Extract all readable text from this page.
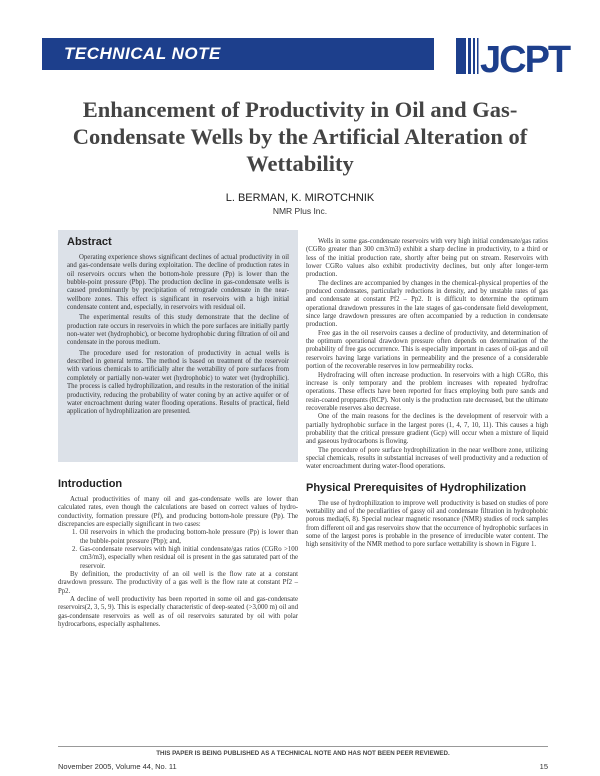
TECHNICAL NOTE	JCPT
Enhancement of Productivity in Oil and Gas-Condensate Wells by the Artificial Alteration of Wettability
L. BERMAN, K. MIROTCHNIK
NMR Plus Inc.
Abstract

Operating experience shows significant declines of actual productivity in oil and gas-condensate wells during exploitation. The decline of production rates in oil reservoirs occurs when the bottom-hole pressure (Pp) is lower than the bubble-point pressure (Pbp). The production decline in gas-condensate wells is caused predominantly by precipitation of retrograde condensate in the near-wellbore zones. This effect is significant in reservoirs with a high initial condensate content and, especially, in reservoirs with residual oil.

The experimental results of this study demonstrate that the decline of production rate occurs in reservoirs in which the pore surfaces are initially partly non-water wet (hydrophobic), or become hydrophobic during filtration of oil and condensate in the porous medium.

The procedure used for restoration of productivity in actual wells is described in general terms. The method is based on treatment of the reservoir with various chemicals to artificially alter the wettability of pore surfaces from completely or partially non-water wet (hydrophobic) to water wet (hydrophilic). The process is called hydrophilization, and results in the restoration of the initial productivity, reducing the probability of water coning by an active aquifer or of water encroachment during water flooding operations. Results of practical, field application of hydrophilization are presented.

Introduction

Actual productivities of many oil and gas-condensate wells are lower than calculated rates, even though the calculations are based on correct values of hydro-conductivity, formation pressure (Pf), and producing bottom-hole pressure (Pp). The discrepancies are especially significant in two cases:

1. Oil reservoirs in which the producing bottom-hole pressure (Pp) is lower than the bubble-point pressure (Pbp); and,

2. Gas-condensate reservoirs with high initial condensate/gas ratios (CGRo >100 cm3/m3), especially when residual oil is present in the gas saturated part of the reservoir.

By definition, the productivity of an oil well is the flow rate at a constant drawdown pressure. The productivity of a gas well is the flow rate at constant Pf2 – Pp2.

A decline of well productivity has been reported in some oil and gas-condensate reservoirs(2, 3, 5, 9). This is especially characteristic of deep-seated (>3,000 m) oil and gas-condensate reservoirs as well as of oil reservoirs saturated by oil with polar hydrocarbons, especially asphaltenes.

Wells in some gas-condensate reservoirs with very high initial condensate/gas ratios (CGRo greater than 300 cm3/m3) exhibit a sharp decline in productivity, to a third or less of the initial production rate, shortly after being put on stream. Reservoirs with lower CGRo values also exhibit productivity declines, but only after longer-term production.

The declines are accompanied by changes in the chemical-physical properties of the produced condensates, particularly reductions in density, and by unstable rates of gas and condensate at constant Pf2 – Pp2. It is difficult to determine the optimum operational drawdown pressures in the late stages of gas-condensate field development, since large drawdown pressures are often accompanied by a reduction in condensate production.

Free gas in the oil reservoirs causes a decline of productivity, and determination of the optimum operational drawdown pressure often depends on determination of the probability of free gas occurrence. This is especially important in cases of oil-gas and oil reservoirs having large variations in permeability and the presence of a considerable portion of the recoverable reserves in low permeability rocks.

Hydrofracing will often increase production. In reservoirs with a high CGRo, this increase is only temporary and the problem increases with repeated hydrofrac operations. These effects have been reported for fracs employing both pure sands and resin-coated proppants (RCP). Not only is the production rate decreased, but the ultimate recoverable reserves also decrease.

One of the main reasons for the declines is the development of reservoir with a partially hydrophobic surface in the largest pores (1, 4, 7, 10, 11). This causes a high probability that the critical pressure gradient (Gcp) will occur when a mixture of liquid and gaseous hydrocarbons is flowing.

The procedure of pore surface hydrophilization in the near wellbore zone, utilizing special chemicals, results in substantial increases of well productivity and a reduction of water encroachment during water-flood operations.

Physical Prerequisites of Hydrophilization

The use of hydrophilization to improve well productivity is based on studies of pore wettability and of the peculiarities of gassy oil and condensate filtration in hydrophobic porous media(6, 8). Special nuclear magnetic resonance (NMR) studies of rock samples from different oil and gas reservoirs show that the occurrence of hydrophobic surfaces in some of the largest pores is probable in the presence of irreducible water content. The high sensitivity of the NMR method to pore surface wettability is shown in Figure 1.

THIS PAPER IS BEING PUBLISHED AS A TECHNICAL NOTE AND HAS NOT BEEN PEER REVIEWED.
November 2005, Volume 44, No. 11	15
